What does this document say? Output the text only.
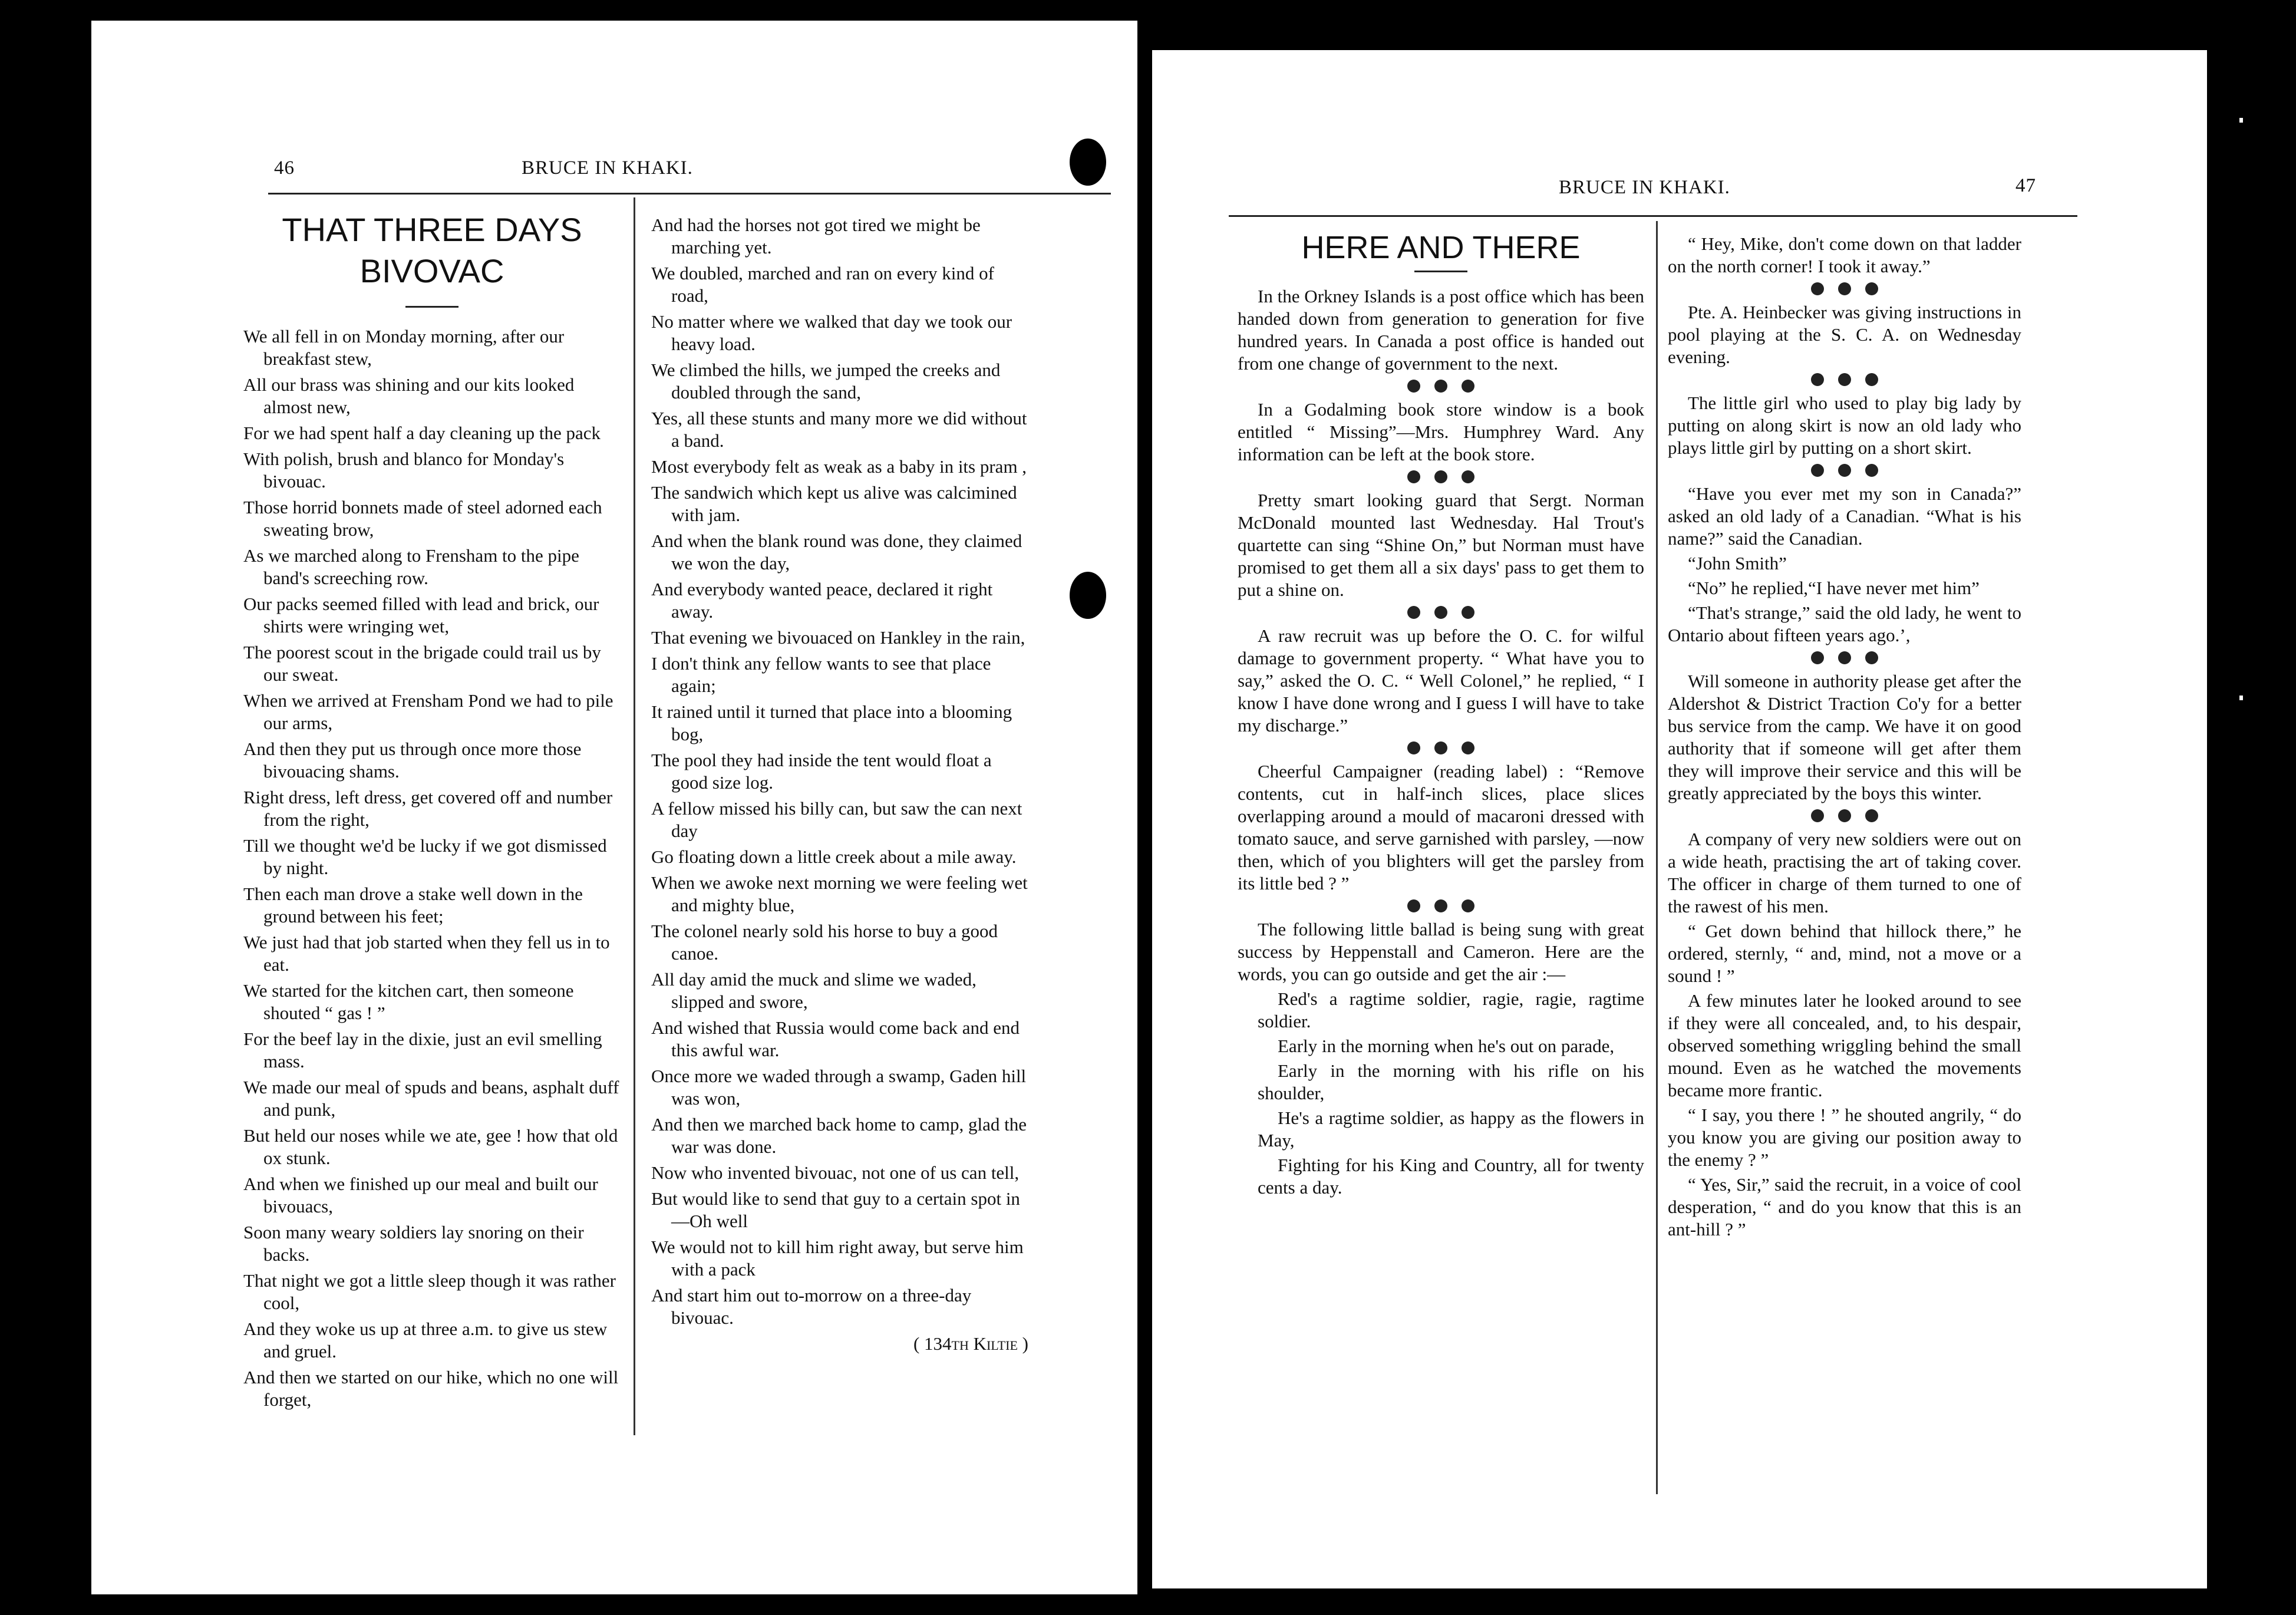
46	BRUCE IN KHAKI.
THAT THREE DAYS
BIVOVAC

We all fell in on Monday morning, after our breakfast stew,

All our brass was shining and our kits looked almost new,

For we had spent half a day cleaning up the pack

With polish, brush and blanco for Monday's bivouac.

Those horrid bonnets made of steel adorned each sweating brow,

As we marched along to Frensham to the pipe band's screeching row.

Our packs seemed filled with lead and brick, our shirts were wringing wet,

The poorest scout in the brigade could trail us by our sweat.

When we arrived at Frensham Pond we had to pile our arms,

And then they put us through once more those bivouacing shams.

Right dress, left dress, get covered off and number from the right,

Till we thought we'd be lucky if we got dismissed by night.

Then each man drove a stake well down in the ground between his feet;

We just had that job started when they fell us in to eat.

We started for the kitchen cart, then someone shouted “ gas ! ”

For the beef lay in the dixie, just an evil smelling mass.

We made our meal of spuds and beans, asphalt duff and punk,

But held our noses while we ate, gee ! how that old ox stunk.

And when we finished up our meal and built our bivouacs,

Soon many weary soldiers lay snoring on their backs.

That night we got a little sleep though it was rather cool,

And they woke us up at three a.m. to give us stew and gruel.

And then we started on our hike, which no one will forget,

And had the horses not got tired we might be marching yet.

We doubled, marched and ran on every kind of road,

No matter where we walked that day we took our heavy load.

We climbed the hills, we jumped the creeks and doubled through the sand,

Yes, all these stunts and many more we did without a band.

Most everybody felt as weak as a baby in its pram ,

The sandwich which kept us alive was calcimined with jam.

And when the blank round was done, they claimed we won the day,

And everybody wanted peace, declared it right away.

That evening we bivouaced on Hankley in the rain,

I don't think any fellow wants to see that place again;

It rained until it turned that place into a blooming bog,

The pool they had inside the tent would float a good size log.

A fellow missed his billy can, but saw the can next day

Go floating down a little creek about a mile away.

When we awoke next morning we were feeling wet and mighty blue,

The colonel nearly sold his horse to buy a good canoe.

All day amid the muck and slime we waded, slipped and swore,

And wished that Russia would come back and end this awful war.

Once more we waded through a swamp, Gaden hill was won,

And then we marched back home to camp, glad the war was done.

Now who invented bivouac, not one of us can tell,

But would like to send that guy to a certain spot in—Oh well

We would not to kill him right away, but serve him with a pack

And start him out to-morrow on a three-day bivouac.

( 134th Kiltie )

BRUCE IN KHAKI.	47
HERE AND THERE

In the Orkney Islands is a post office which has been handed down from generation to generation for five hundred years. In Canada a post office is handed out from one change of government to the next.

In a Godalming book store window is a book entitled “ Missing”—Mrs. Humphrey Ward. Any information can be left at the book store.

Pretty smart looking guard that Sergt. Norman McDonald mounted last Wednesday. Hal Trout's quartette can sing “Shine On,” but Norman must have promised to get them all a six days' pass to get them to put a shine on.

A raw recruit was up before the O. C. for wilful damage to government property. “ What have you to say,” asked the O. C. “ Well Colonel,” he replied, “ I know I have done wrong and I guess I will have to take my discharge.”

Cheerful Campaigner (reading label) : “Remove contents, cut in half-inch slices, place slices overlapping around a mould of macaroni dressed with tomato sauce, and serve garnished with parsley, —now then, which of you blighters will get the parsley from its little bed ? ”

The following little ballad is being sung with great success by Heppenstall and Cameron. Here are the words, you can go outside and get the air :—

Red's a ragtime soldier, ragie, ragie, ragtime soldier.

Early in the morning when he's out on parade,

Early in the morning with his rifle on his shoulder,

He's a ragtime soldier, as happy as the flowers in May,

Fighting for his King and Country, all for twenty cents a day.

“ Hey, Mike, don't come down on that ladder on the north corner! I took it away.”

Pte. A. Heinbecker was giving instructions in pool playing at the S. C. A. on Wednesday evening.

The little girl who used to play big lady by putting on along skirt is now an old lady who plays little girl by putting on a short skirt.

“Have you ever met my son in Canada?” asked an old lady of a Canadian. “What is his name?” said the Canadian.

“John Smith”

“No” he replied,“I have never met him”

“That's strange,” said the old lady, he went to Ontario about fifteen years ago.’,

Will someone in authority please get after the Aldershot & District Traction Co'y for a better bus service from the camp. We have it on good authority that if someone will get after them they will improve their service and this will be greatly appreciated by the boys this winter.

A company of very new soldiers were out on a wide heath, practising the art of taking cover. The officer in charge of them turned to one of the rawest of his men.

“ Get down behind that hillock there,” he ordered, sternly, “ and, mind, not a move or a sound ! ”

A few minutes later he looked around to see if they were all concealed, and, to his despair, observed something wriggling behind the small mound. Even as he watched the movements became more frantic.

“ I say, you there ! ” he shouted angrily, “ do you know you are giving our position away to the enemy ? ”

“ Yes, Sir,” said the recruit, in a voice of cool desperation, “ and do you know that this is an ant-hill ? ”
